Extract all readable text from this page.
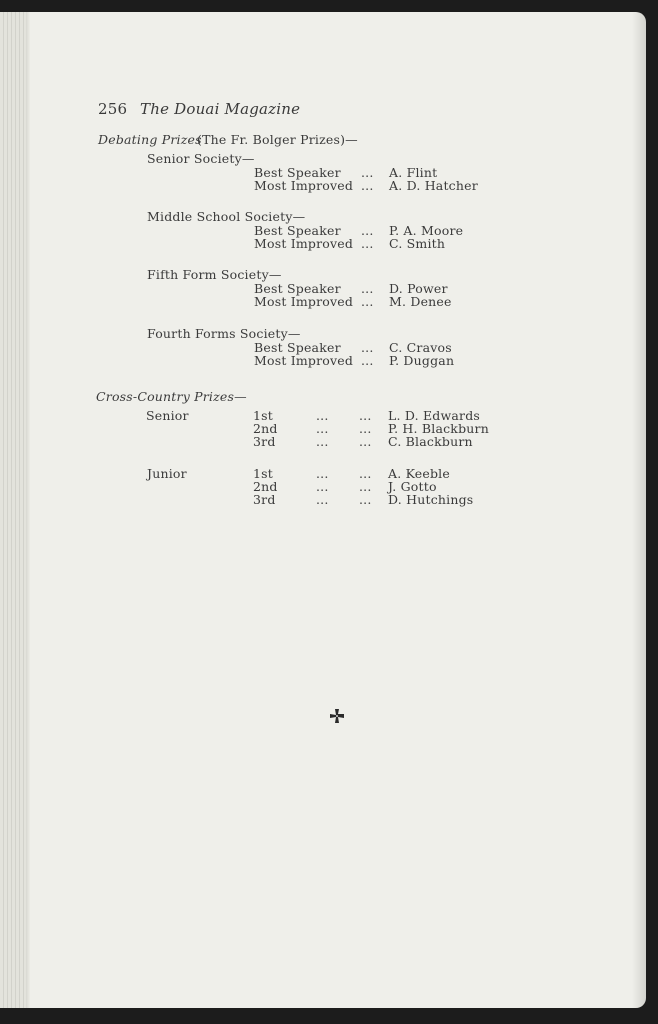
256 The Douai Magazine
Debating Prizes
(The Fr. Bolger Prizes)—
Senior Society—
Best Speaker ... A. Flint
Most Improved ... A. D. Hatcher
Middle School Society—
Best Speaker ... P. A. Moore
Most Improved ... C. Smith
Fifth Form Society—
Best Speaker ... D. Power
Most Improved ... M. Denee
Fourth Forms Society—
Best Speaker ... C. Cravos
Most Improved ... P. Duggan
Cross-Country Prizes—
Senior	1st	... ... L. D. Edwards
2nd	... ... P. H. Blackburn
3rd	... ... C. Blackburn
Junior	1st	... ... A. Keeble
2nd	... ... J. Gotto
3rd	... ... D. Hutchings
